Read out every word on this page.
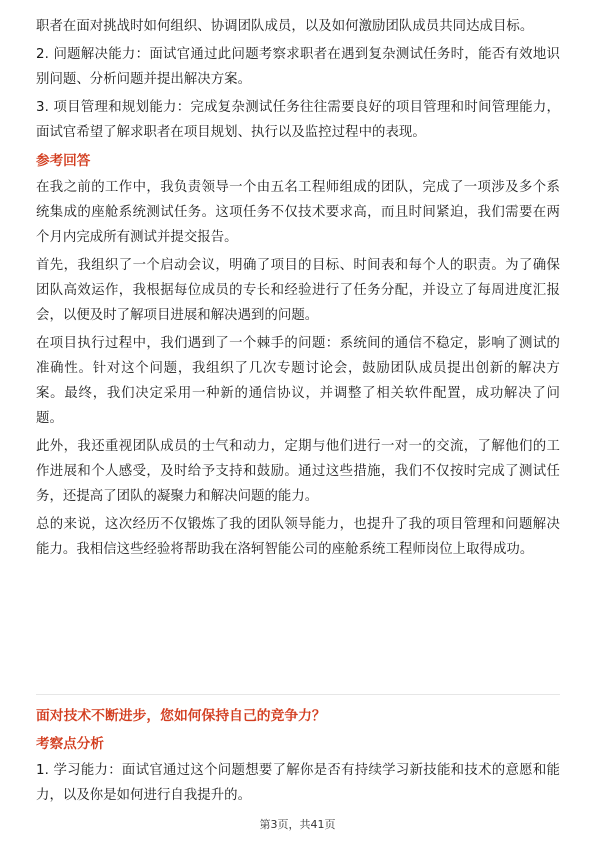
职者在面对挑战时如何组织、协调团队成员，以及如何激励团队成员共同达成目标。

2. 问题解决能力：面试官通过此问题考察求职者在遇到复杂测试任务时，能否有效地识别问题、分析问题并提出解决方案。

3. 项目管理和规划能力：完成复杂测试任务往往需要良好的项目管理和时间管理能力，面试官希望了解求职者在项目规划、执行以及监控过程中的表现。

参考回答

在我之前的工作中，我负责领导一个由五名工程师组成的团队，完成了一项涉及多个系统集成的座舱系统测试任务。这项任务不仅技术要求高，而且时间紧迫，我们需要在两个月内完成所有测试并提交报告。

首先，我组织了一个启动会议，明确了项目的目标、时间表和每个人的职责。为了确保团队高效运作，我根据每位成员的专长和经验进行了任务分配，并设立了每周进度汇报会，以便及时了解项目进展和解决遇到的问题。

在项目执行过程中，我们遇到了一个棘手的问题：系统间的通信不稳定，影响了测试的准确性。针对这个问题，我组织了几次专题讨论会，鼓励团队成员提出创新的解决方案。最终，我们决定采用一种新的通信协议，并调整了相关软件配置，成功解决了问题。

此外，我还重视团队成员的士气和动力，定期与他们进行一对一的交流，了解他们的工作进展和个人感受，及时给予支持和鼓励。通过这些措施，我们不仅按时完成了测试任务，还提高了团队的凝聚力和解决问题的能力。

总的来说，这次经历不仅锻炼了我的团队领导能力，也提升了我的项目管理和问题解决能力。我相信这些经验将帮助我在洛轲智能公司的座舱系统工程师岗位上取得成功。

面对技术不断进步，您如何保持自己的竞争力？
考察点分析

1. 学习能力：面试官通过这个问题想要了解你是否有持续学习新技能和技术的意愿和能力，以及你是如何进行自我提升的。

第3页，共41页
